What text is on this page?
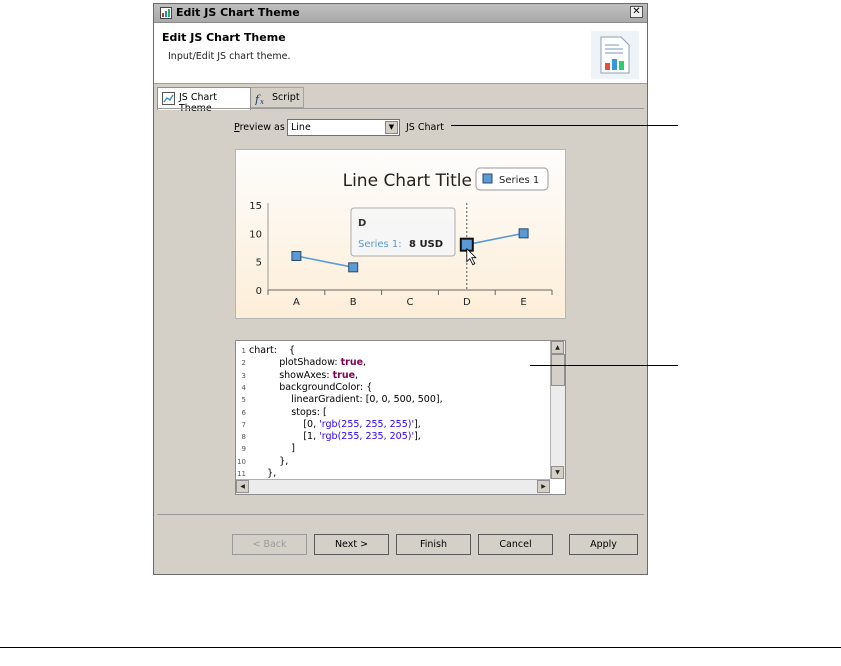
Edit JS Chart Theme	✕
Edit JS Chart Theme
Input/Edit JS chart theme.
JS Chart	f x Script
Preview as Line	▼	JS Chart
Line Chart Title	Series 1
A	B	C	D	E
0
5
10
15
D
Series 1: 8 USD
1 chart:    {
2          plotShadow: true,
3          showAxes: true,
4          backgroundColor: {
5              linearGradient: [0, 0, 500, 500],
6              stops: [
7                  [0, 'rgb(255, 255, 255)'],
8                  [1, 'rgb(255, 235, 205)'],
9              ]
10          },
11      },
▲
▼
◀	▶
< Back	Next >	Finish	Cancel	Apply
